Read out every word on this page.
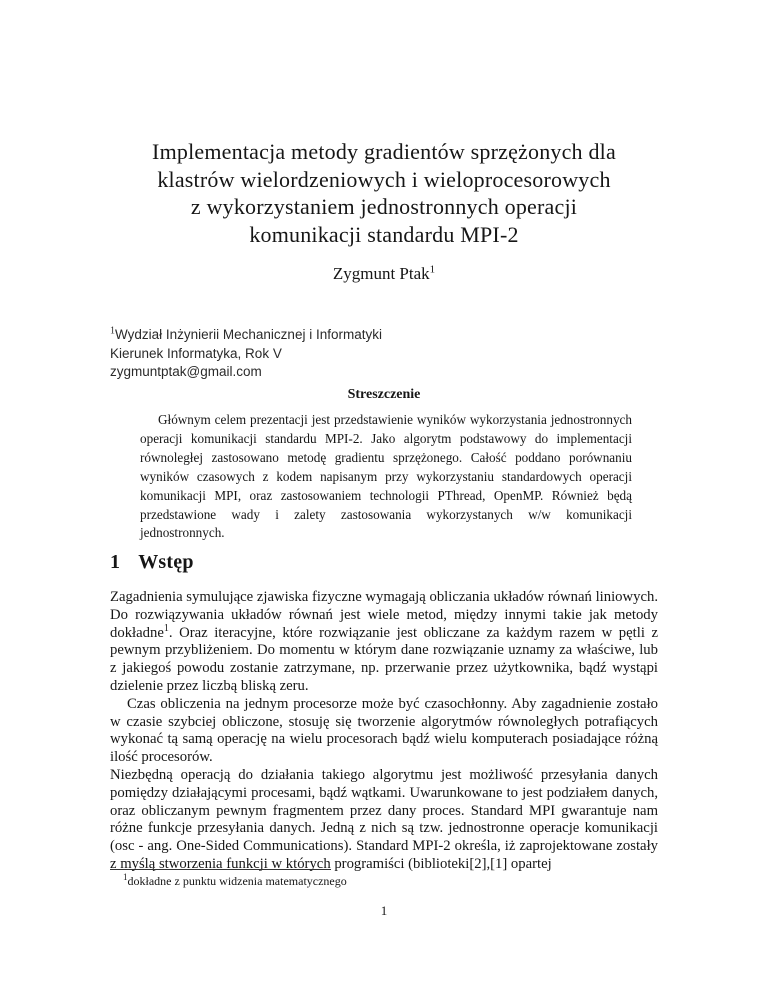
Implementacja metody gradientów sprzężonych dla
klastrów wielordzeniowych i wieloprocesorowych
z wykorzystaniem jednostronnych operacji
komunikacji standardu MPI-2
Zygmunt Ptak$^1$
$^1$Wydział Inżynierii Mechanicznej i Informatyki
Kierunek Informatyka, Rok V
zygmuntptak@gmail.com
Streszczenie
Głównym celem prezentacji jest przedstawienie wyników wykorzystania jednostronnych operacji komunikacji standardu MPI-2. Jako algorytm podstawowy do implementacji równoległej zastosowano metodę gradientu sprzężonego. Całość poddano porównaniu wyników czasowych z kodem napisanym przy wykorzystaniu standardowych operacji komunikacji MPI, oraz zastosowaniem technologii PThread, OpenMP. Również będą przedstawione wady i zalety zastosowania wykorzystanych w/w komunikacji jednostronnych.
1 Wstęp

Zagadnienia symulujące zjawiska fizyczne wymagają obliczania układów równań liniowych. Do rozwiązywania układów równań jest wiele metod, między innymi takie jak metody dokładne$^1$. Oraz iteracyjne, które rozwiązanie jest obliczane za każdym razem w pętli z pewnym przybliżeniem. Do momentu w którym dane rozwiązanie uznamy za właściwe, lub z jakiegoś powodu zostanie zatrzymane, np. przerwanie przez użytkownika, bądź wystąpi dzielenie przez liczbą bliską zeru.

Czas obliczenia na jednym procesorze może być czasochłonny. Aby zagadnienie zostało w czasie szybciej obliczone, stosuję się tworzenie algorytmów równoległych potrafiących wykonać tą samą operację na wielu procesorach bądź wielu komputerach posiadające różną ilość procesorów.

Niezbędną operacją do działania takiego algorytmu jest możliwość przesyłania danych pomiędzy działającymi procesami, bądź wątkami. Uwarunkowane to jest podziałem danych, oraz obliczanym pewnym fragmentem przez dany proces. Standard MPI gwarantuje nam różne funkcje przesyłania danych. Jedną z nich są tzw. jednostronne operacje komunikacji (osc - ang. One-Sided Communications). Standard MPI-2 określa, iż zaprojektowane zostały z myślą stworzenia funkcji w których programiści (biblioteki[2],[1] opartej

$^1$dokładne z punktu widzenia matematycznego
1
